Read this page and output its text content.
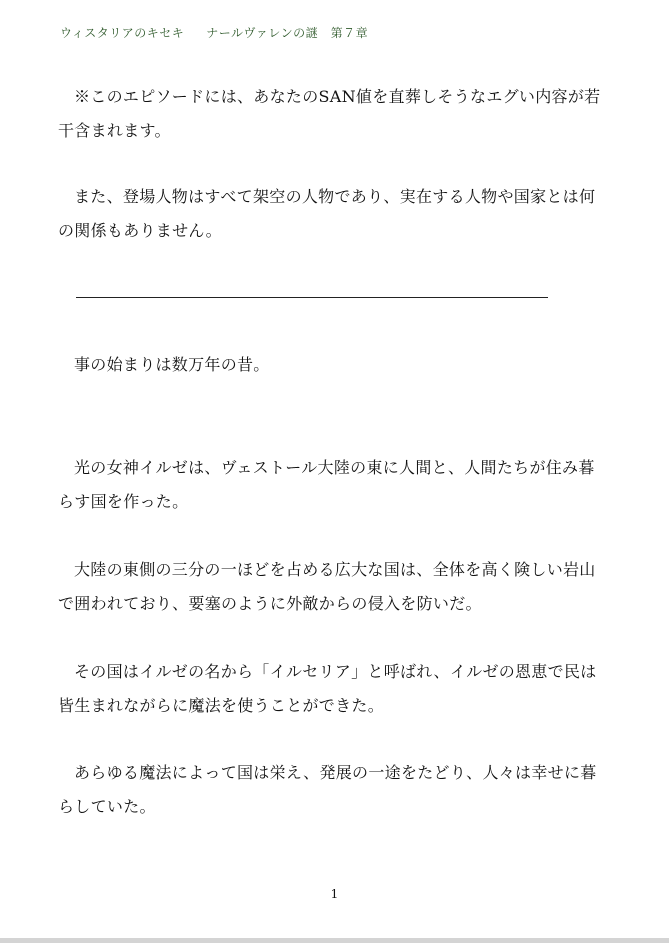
ウィスタリアのキセキ ナールヴァレンの謎　第７章

※このエピソードには、あなたのSAN値を直葬しそうなエグい内容が若干含まれます。

また、登場人物はすべて架空の人物であり、実在する人物や国家とは何の関係もありません。

事の始まりは数万年の昔。

光の女神イルゼは、ヴェストール大陸の東に人間と、人間たちが住み暮らす国を作った。

大陸の東側の三分の一ほどを占める広大な国は、全体を高く険しい岩山で囲われており、要塞のように外敵からの侵入を防いだ。

その国はイルゼの名から「イルセリア」と呼ばれ、イルゼの恩恵で民は皆生まれながらに魔法を使うことができた。

あらゆる魔法によって国は栄え、発展の一途をたどり、人々は幸せに暮らしていた。

1
